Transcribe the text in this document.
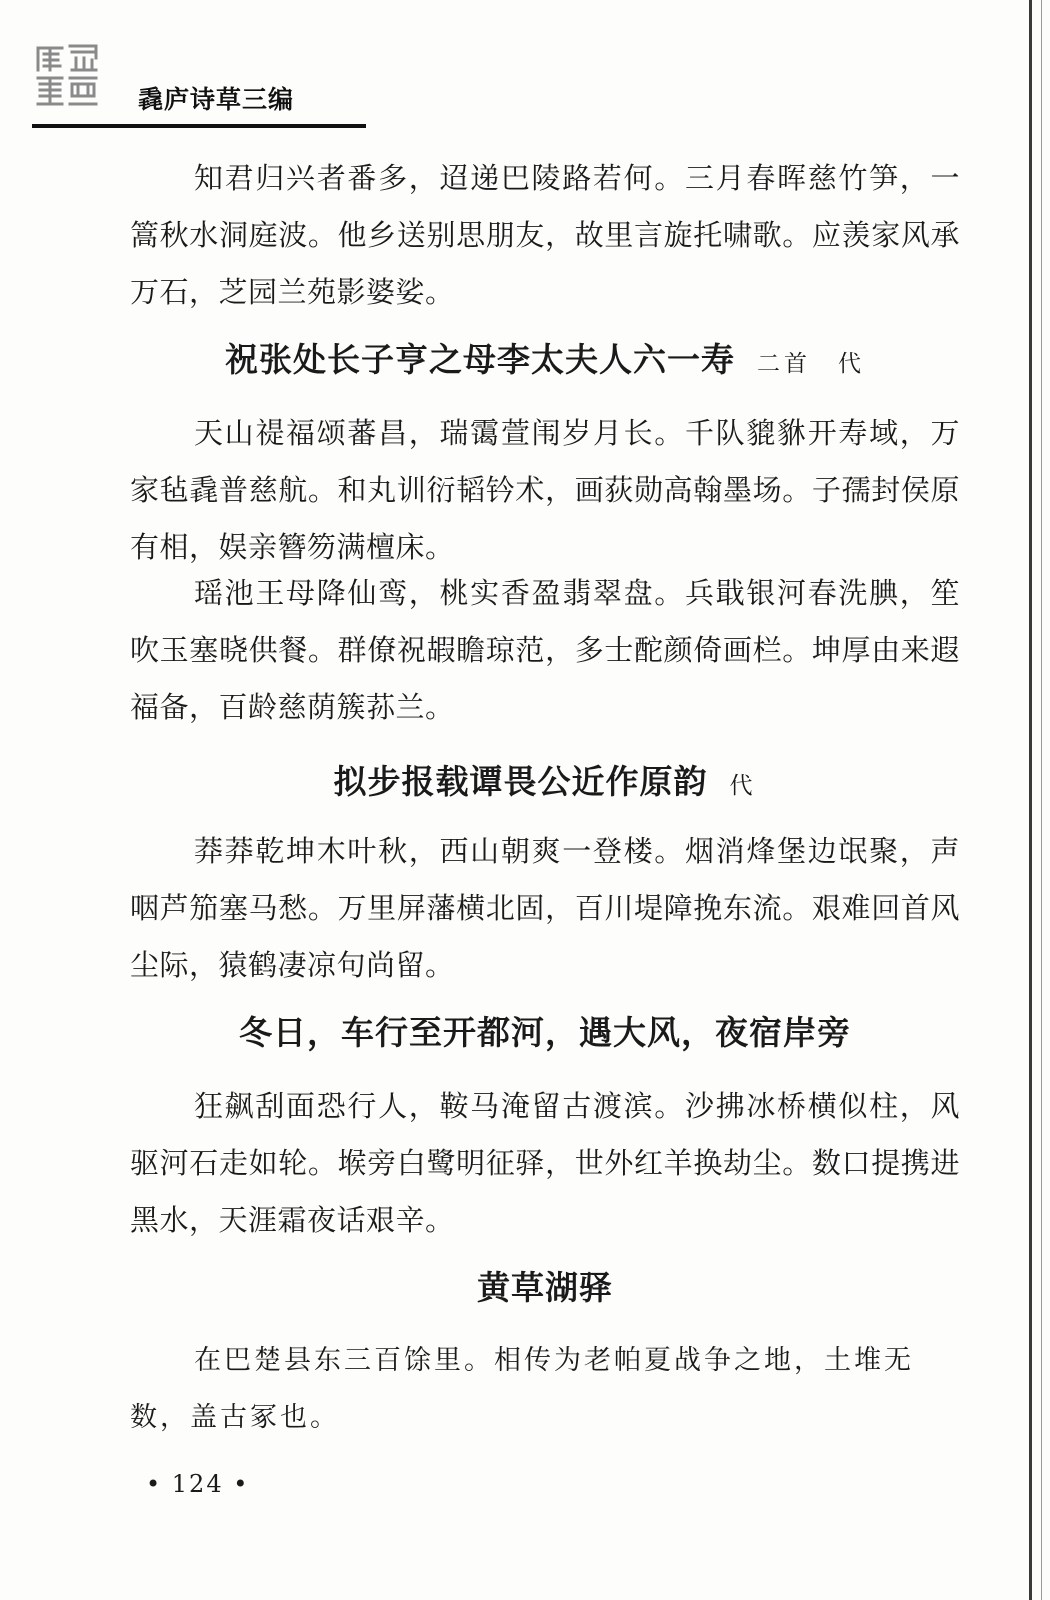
毳庐诗草三编

知君归兴者番多，迢递巴陵路若何。三月春晖慈竹笋，一篙秋水洞庭波。他乡送别思朋友，故里言旋托啸歌。应羡家风承万石，芝园兰苑影婆娑。

祝张处长子亨之母李太夫人六一寿 二首　代

天山禔福颂蕃昌，瑞霭萱闱岁月长。千队貔貅开寿域，万家毡毳普慈航。和丸训衍韬钤术，画荻勋高翰墨场。子孺封侯原有相，娱亲簪笏满檀床。

瑶池王母降仙鸾，桃实香盈翡翠盘。兵戢银河春洗腆，笙吹玉塞晓供餐。群僚祝嘏瞻琼范，多士酡颜倚画栏。坤厚由来遐福备，百龄慈荫簇荪兰。

拟步报载谭畏公近作原韵 代

莽莽乾坤木叶秋，西山朝爽一登楼。烟消烽堡边氓聚，声咽芦笳塞马愁。万里屏藩横北固，百川堤障挽东流。艰难回首风尘际，猿鹤凄凉句尚留。

冬日，车行至开都河，遇大风，夜宿岸旁

狂飙刮面恐行人，鞍马淹留古渡滨。沙拂冰桥横似柱，风驱河石走如轮。堠旁白鹭明征驿，世外红羊换劫尘。数口提携进黑水，天涯霜夜话艰辛。

黄草湖驿

在巴楚县东三百馀里。相传为老帕夏战争之地，土堆无数，盖古冢也。

• 124 •
